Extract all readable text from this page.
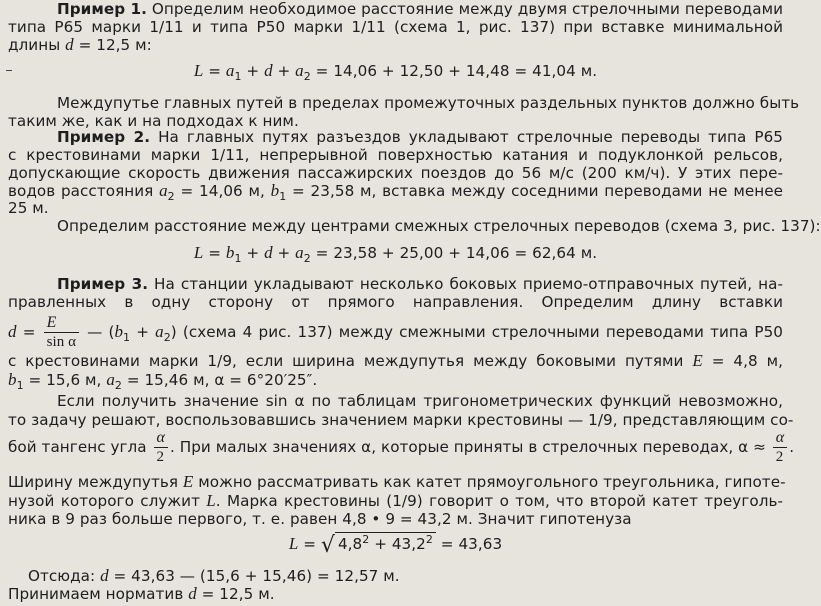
Пример 1. Определим необходимое расстояние между двумя стрелочными переводами
типа Р65 марки 1/11 и типа Р50 марки 1/11 (схема 1, рис. 137) при вставке минимальной
длины d = 12,5 м:
$L = a_1 + d + a_2 = 14,06 + 12,50 + 14,48 = 41,04$ м.
Междупутье главных путей в пределах промежуточных раздельных пунктов должно быть
таким же, как и на подходах к ним.
Пример 2. На главных путях разъездов укладывают стрелочные переводы типа Р65
с крестовинами марки 1/11, непрерывной поверхностью катания и подуклонкой рельсов,
допускающие скорость движения пассажирских поездов до 56 м/с (200 км/ч). У этих пере-
водов расстояния $a_2 = 14,06$ м, $b_1 = 23,58$ м, вставка между соседними переводами не менее
25 м.
Определим расстояние между центрами смежных стрелочных переводов (схема 3, рис. 137):
$L = b_1 + d + a_2 = 23,58 + 25,00 + 14,06 = 62,64$ м.
Пример 3. На станции укладывают несколько боковых приемо-отправочных путей, на-
правленных в одну сторону от прямого направления. Определим длину вставки
$d = \frac{E}{\text{sin α}}$ — $(b_1 + a_2)$ (схема 4 рис. 137) между смежными стрелочными переводами типа Р50
с крестовинами марки 1/9, если ширина междупутья между боковыми путями E = 4,8 м,
$b_1 = 15,6$ м, $a_2 = 15,46$ м, α = 6°20′25″.
Если получить значение sin α по таблицам тригонометрических функций невозможно,
то задачу решают, воспользовавшись значением марки крестовины — 1/9, представляющим со-
бой тангенс угла $\frac{\alpha}{2}$ . При малых значениях α, которые приняты в стрелочных переводах, $\alpha \approx \frac{\alpha}{2}$ .
Ширину междупутья E можно рассматривать как катет прямоугольного треугольника, гипоте-
нузой которого служит L. Марка крестовины (1/9) говорит о том, что второй катет треуголь-
ника в 9 раз больше первого, т. е. равен 4,8 • 9 = 43,2 м. Значит гипотенуза
L = √ $4,8^2 + 43,2^2 = 43,63$
Отсюда: d = 43,63 — (15,6 + 15,46) = 12,57 м.
Принимаем норматив d = 12,5 м.
